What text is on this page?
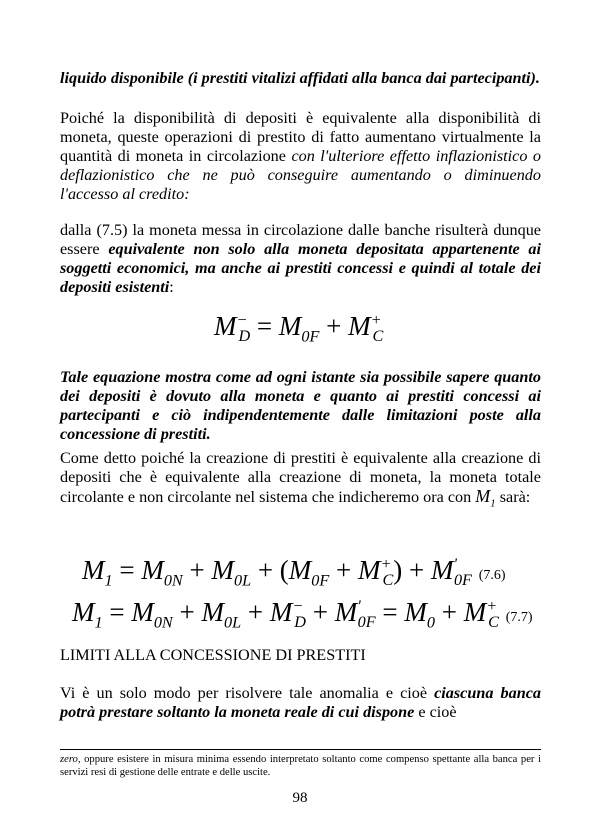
liquido disponibile (i prestiti vitalizi affidati alla banca dai partecipanti).
Poiché la disponibilità di depositi è equivalente alla disponibilità di moneta, queste operazioni di prestito di fatto aumentano virtualmente la quantità di moneta in circolazione con l'ulteriore effetto inflazionistico o deflazionistico che ne può conseguire aumentando o diminuendo l'accesso al credito:
dalla (7.5) la moneta messa in circolazione dalle banche risulterà dunque essere equivalente non solo alla moneta depositata appartenente ai soggetti economici, ma anche ai prestiti concessi e quindi al totale dei depositi esistenti:
$M^-_D = M_{0F} + M^+_C$
Tale equazione mostra come ad ogni istante sia possibile sapere quanto dei depositi è dovuto alla moneta e quanto ai prestiti concessi ai partecipanti e ciò indipendentemente dalle limitazioni poste alla concessione di prestiti.
Come detto poiché la creazione di prestiti è equivalente alla creazione di depositi che è equivalente alla creazione di moneta, la moneta totale circolante e non circolante nel sistema che indicheremo ora con $M_1$ sarà:
$M_1 = M_{0N} + M_{0L} + (M_{0F} + M^+_C) + M'_{0F}$ (7.6)
$M_1 = M_{0N} + M_{0L} + M^-_D + M'_{0F} = M_0 + M^+_C$ (7.7)
LIMITI ALLA CONCESSIONE DI PRESTITI
Vi è un solo modo per risolvere tale anomalia e cioè ciascuna banca potrà prestare soltanto la moneta reale di cui dispone e cioè
zero, oppure esistere in misura minima essendo interpretato soltanto come compenso spettante alla banca per i servizi resi di gestione delle entrate e delle uscite.
98
